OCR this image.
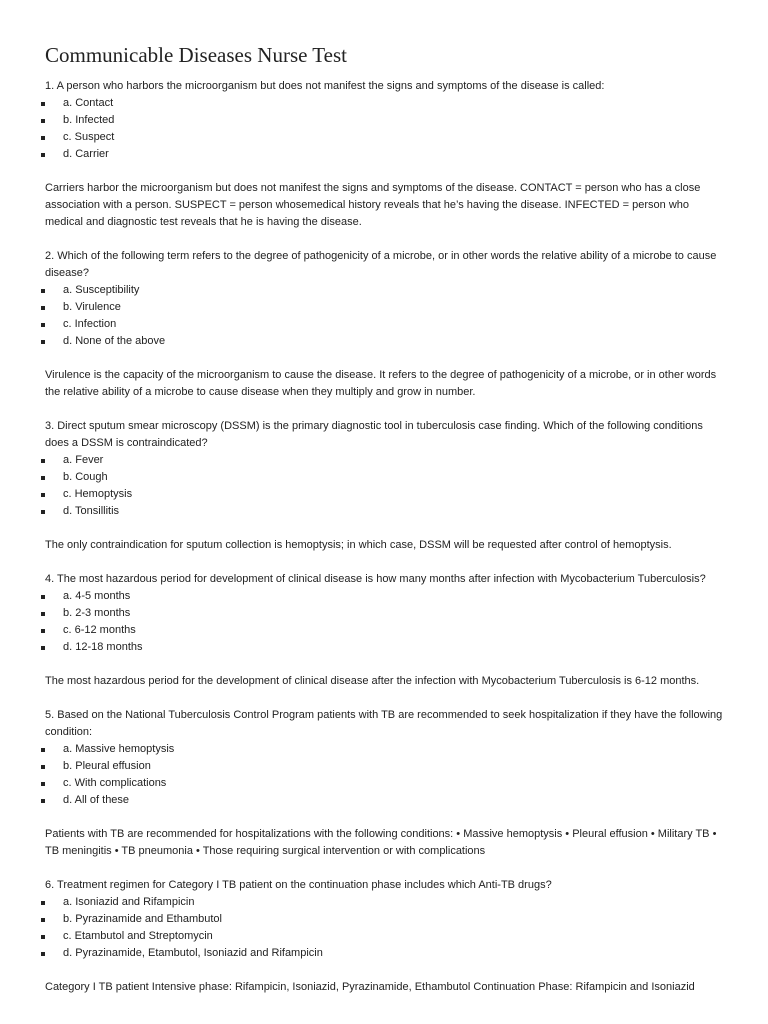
Communicable Diseases Nurse Test

1. A person who harbors the microorganism but does not manifest the signs and symptoms of the disease is called:

a. Contact
b. Infected
c. Suspect
d. Carrier

Carriers harbor the microorganism but does not manifest the signs and symptoms of the disease. CONTACT = person who has a close association with a person. SUSPECT = person whosemedical history reveals that he’s having the disease. INFECTED = person who medical and diagnostic test reveals that he is having the disease.

2. Which of the following term refers to the degree of pathogenicity of a microbe, or in other words the relative ability of a microbe to cause disease?

a. Susceptibility
b. Virulence
c. Infection
d. None of the above

Virulence is the capacity of the microorganism to cause the disease. It refers to the degree of pathogenicity of a microbe, or in other words the relative ability of a microbe to cause disease when they multiply and grow in number.

3. Direct sputum smear microscopy (DSSM) is the primary diagnostic tool in tuberculosis case finding. Which of the following conditions does a DSSM is contraindicated?

a. Fever
b. Cough
c. Hemoptysis
d. Tonsillitis

The only contraindication for sputum collection is hemoptysis; in which case, DSSM will be requested after control of hemoptysis.

4. The most hazardous period for development of clinical disease is how many months after infection with Mycobacterium Tuberculosis?

a. 4-5 months
b. 2-3 months
c. 6-12 months
d. 12-18 months

The most hazardous period for the development of clinical disease after the infection with Mycobacterium Tuberculosis is 6-12 months.

5. Based on the National Tuberculosis Control Program patients with TB are recommended to seek hospitalization if they have the following condition:

a. Massive hemoptysis
b. Pleural effusion
c. With complications
d. All of these

Patients with TB are recommended for hospitalizations with the following conditions: • Massive hemoptysis • Pleural effusion • Military TB • TB meningitis • TB pneumonia • Those requiring surgical intervention or with complications

6. Treatment regimen for Category I TB patient on the continuation phase includes which Anti-TB drugs?

a. Isoniazid and Rifampicin
b. Pyrazinamide and Ethambutol
c. Etambutol and Streptomycin
d. Pyrazinamide, Etambutol, Isoniazid and Rifampicin

Category I TB patient Intensive phase: Rifampicin, Isoniazid, Pyrazinamide, Ethambutol Continuation Phase: Rifampicin and Isoniazid
